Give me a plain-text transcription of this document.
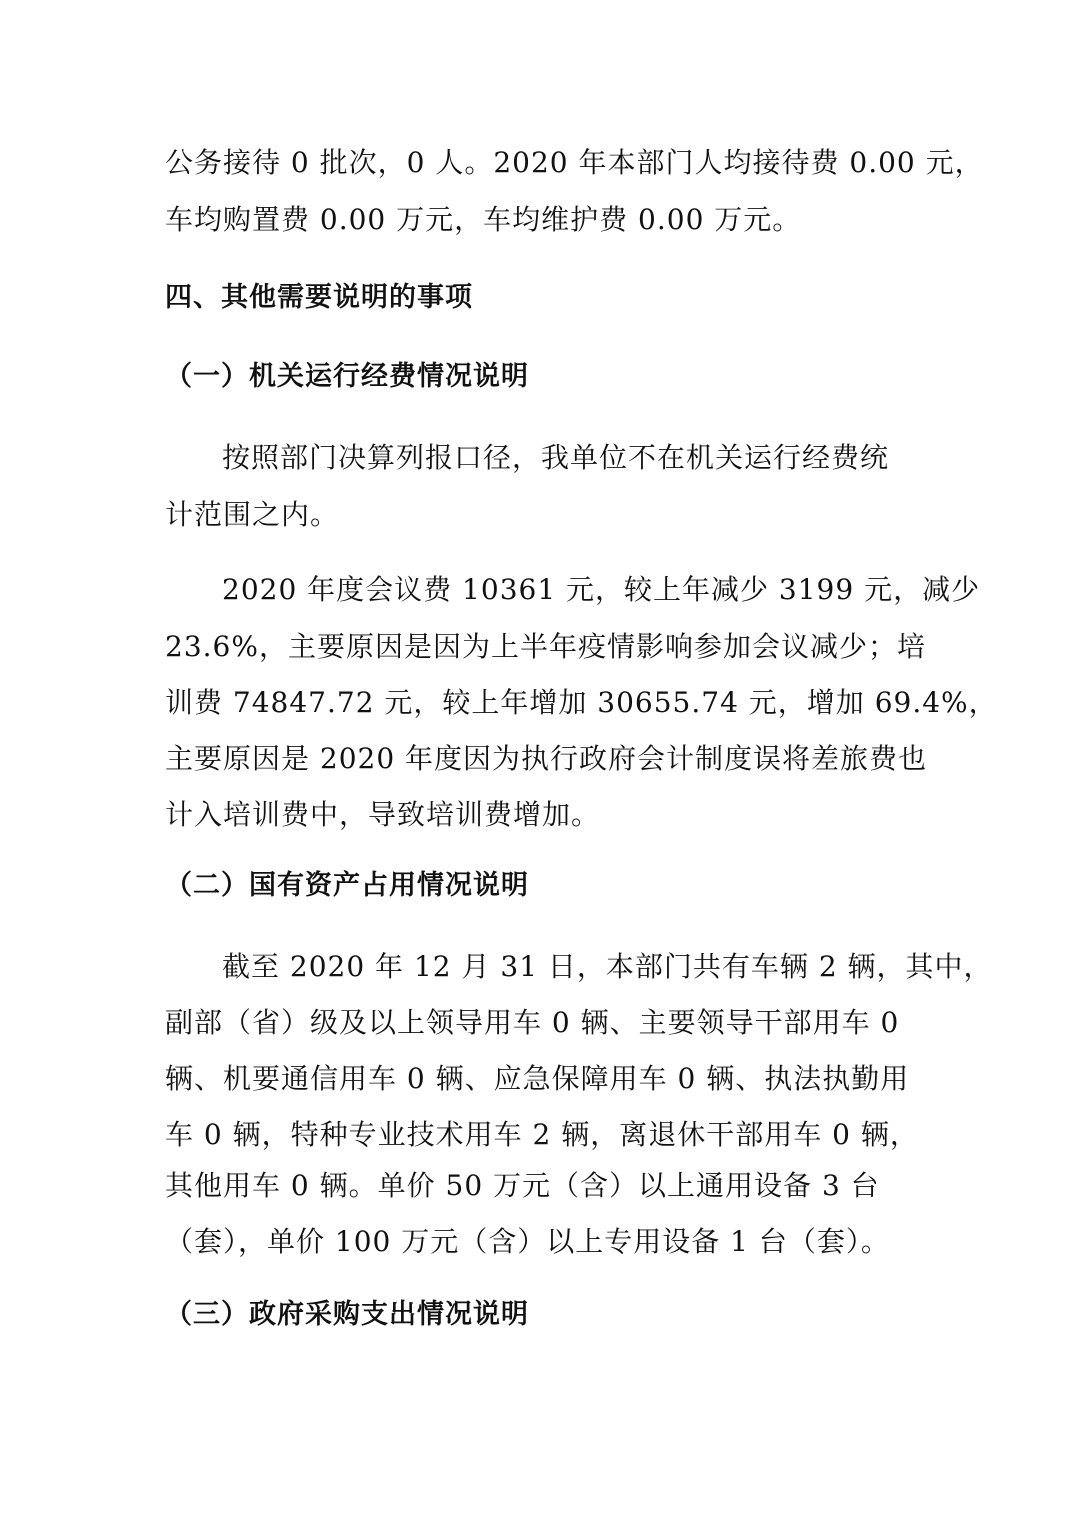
公务接待 0 批次，0 人。2020 年本部门人均接待费 0.00 元，
车均购置费 0.00 万元，车均维护费 0.00 万元。
四、其他需要说明的事项
（一）机关运行经费情况说明
按照部门决算列报口径，我单位不在机关运行经费统
计范围之内。
2020 年度会议费 10361 元，较上年减少 3199 元，减少
23.6%，主要原因是因为上半年疫情影响参加会议减少；培
训费 74847.72 元，较上年增加 30655.74 元，增加 69.4%，
主要原因是 2020 年度因为执行政府会计制度误将差旅费也
计入培训费中，导致培训费增加。
（二）国有资产占用情况说明
截至 2020 年 12 月 31 日，本部门共有车辆 2 辆，其中，
副部（省）级及以上领导用车 0 辆、主要领导干部用车 0
辆、机要通信用车 0 辆、应急保障用车 0 辆、执法执勤用
车 0 辆，特种专业技术用车 2 辆，离退休干部用车 0 辆，
其他用车 0 辆。单价 50 万元（含）以上通用设备 3 台
（套），单价 100 万元（含）以上专用设备 1 台（套）。
（三）政府采购支出情况说明
